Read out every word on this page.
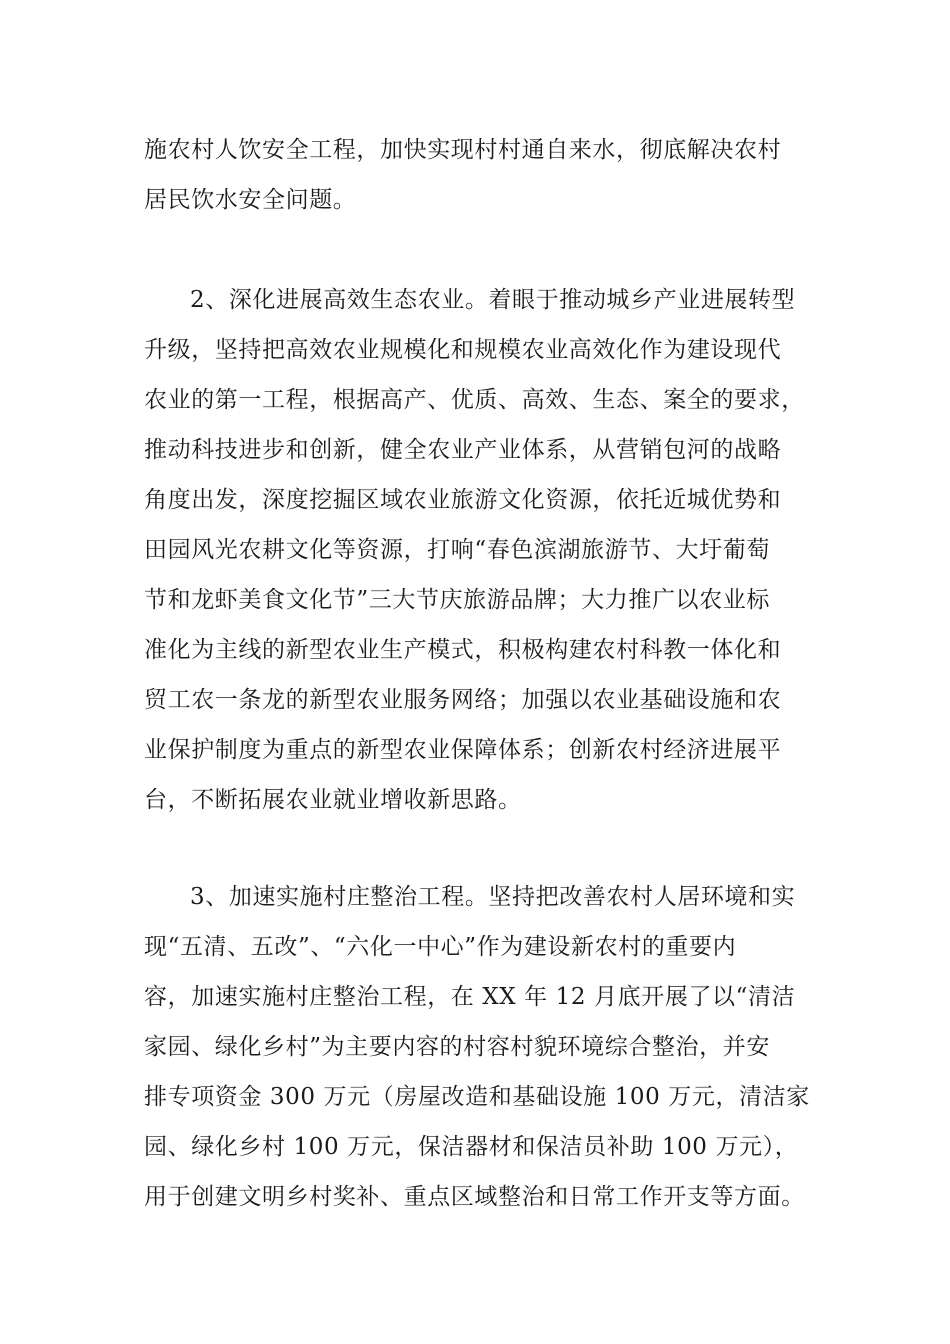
施农村人饮安全工程，加快实现村村通自来水，彻底解决农村
居民饮水安全问题。
2、深化进展高效生态农业。着眼于推动城乡产业进展转型
升级，坚持把高效农业规模化和规模农业高效化作为建设现代
农业的第一工程，根据高产、优质、高效、生态、案全的要求，
推动科技进步和创新，健全农业产业体系，从营销包河的战略
角度出发，深度挖掘区域农业旅游文化资源，依托近城优势和
田园风光农耕文化等资源，打响“春色滨湖旅游节、大圩葡萄
节和龙虾美食文化节”三大节庆旅游品牌；大力推广以农业标
准化为主线的新型农业生产模式，积极构建农村科教一体化和
贸工农一条龙的新型农业服务网络；加强以农业基础设施和农
业保护制度为重点的新型农业保障体系；创新农村经济进展平
台，不断拓展农业就业增收新思路。
3、加速实施村庄整治工程。坚持把改善农村人居环境和实
现“五清、五改”、“六化一中心”作为建设新农村的重要内
容，加速实施村庄整治工程，在 XX 年 12 月底开展了以“清洁
家园、绿化乡村”为主要内容的村容村貌环境综合整治，并安
排专项资金 300 万元（房屋改造和基础设施 100 万元，清洁家
园、绿化乡村 100 万元，保洁器材和保洁员补助 100 万元），
用于创建文明乡村奖补、重点区域整治和日常工作开支等方面。
